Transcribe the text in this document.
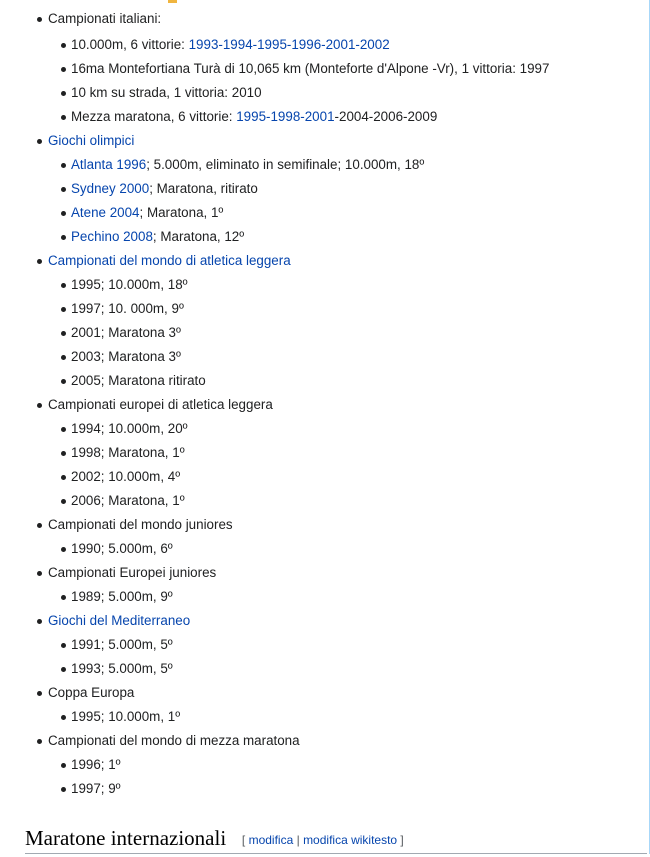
Campionati italiani:
10.000m, 6 vittorie: 1993-1994-1995-1996-2001-2002
16ma Montefortiana Turà di 10,065 km (Monteforte d'Alpone -Vr), 1 vittoria: 1997
10 km su strada, 1 vittoria: 2010
Mezza maratona, 6 vittorie: 1995-1998-2001-2004-2006-2009
Giochi olimpici
Atlanta 1996; 5.000m, eliminato in semifinale; 10.000m, 18º
Sydney 2000; Maratona, ritirato
Atene 2004; Maratona, 1º
Pechino 2008; Maratona, 12º
Campionati del mondo di atletica leggera
1995; 10.000m, 18º
1997; 10. 000m, 9º
2001; Maratona 3º
2003; Maratona 3º
2005; Maratona ritirato
Campionati europei di atletica leggera
1994; 10.000m, 20º
1998; Maratona, 1º
2002; 10.000m, 4º
2006; Maratona, 1º
Campionati del mondo juniores
1990; 5.000m, 6º
Campionati Europei juniores
1989; 5.000m, 9º
Giochi del Mediterraneo
1991; 5.000m, 5º
1993; 5.000m, 5º
Coppa Europa
1995; 10.000m, 1º
Campionati del mondo di mezza maratona
1996; 1º
1997; 9º
Maratone internazionali [ modifica | modifica wikitesto ]
